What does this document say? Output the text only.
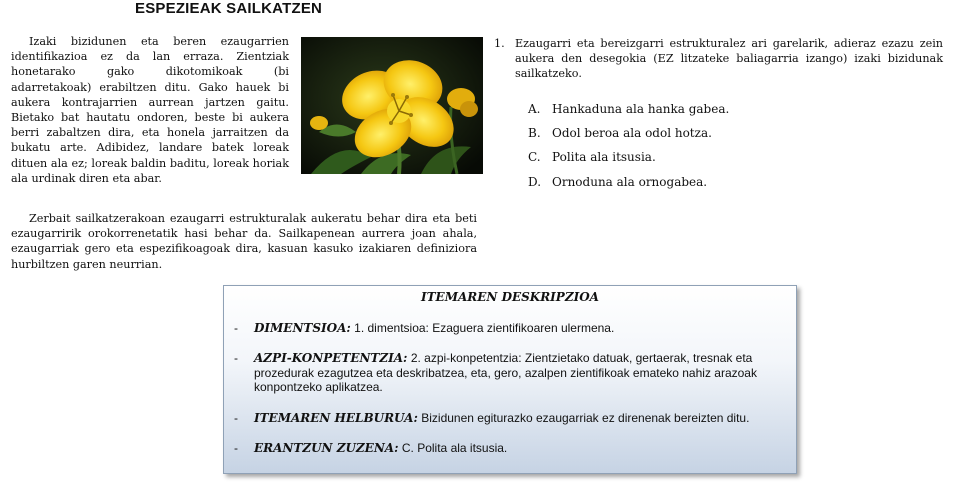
ESPEZIEAK SAILKATZEN

Izaki bizidunen eta beren ezaugarrien identifikazioa ez da lan erraza. Zientziak honetarako gako dikotomikoak (bi adarretakoak) erabiltzen ditu. Gako hauek bi aukera kontrajarrien aurrean jartzen gaitu. Bietako bat hautatu ondoren, beste bi aukera berri zabaltzen dira, eta honela jarraitzen da bukatu arte. Adibidez, landare batek loreak dituen ala ez; loreak baldin baditu, loreak horiak ala urdinak diren eta abar.

1. Ezaugarri eta bereizgarri estrukturalez ari garelarik, adieraz ezazu zein aukera den desegokia (EZ litzateke baliagarria izango) izaki bizidunak sailkatzeko.
A. Hankaduna ala hanka gabea.
B. Odol beroa ala odol hotza.
C. Polita ala itsusia.
D. Ornoduna ala ornogabea.

Zerbait sailkatzerakoan ezaugarri estrukturalak aukeratu behar dira eta beti ezaugarririk orokorrenetatik hasi behar da. Sailkapenean aurrera joan ahala, ezaugarriak gero eta espezifikoagoak dira, kasuan kasuko izakiaren definiziora hurbiltzen garen neurrian.

ITEMAREN DESKRIPZIOA
- DIMENTSIOA: 1. dimentsioa: Ezaguera zientifikoaren ulermena.
- AZPI-KONPETENTZIA: 2. azpi-konpetentzia: Zientzietako datuak, gertaerak, tresnak eta prozedurak ezagutzea eta deskribatzea, eta, gero, azalpen zientifikoak emateko nahiz arazoak konpontzeko aplikatzea.
- ITEMAREN HELBURUA: Bizidunen egiturazko ezaugarriak ez direnenak bereizten ditu.
- ERANTZUN ZUZENA: C. Polita ala itsusia.
